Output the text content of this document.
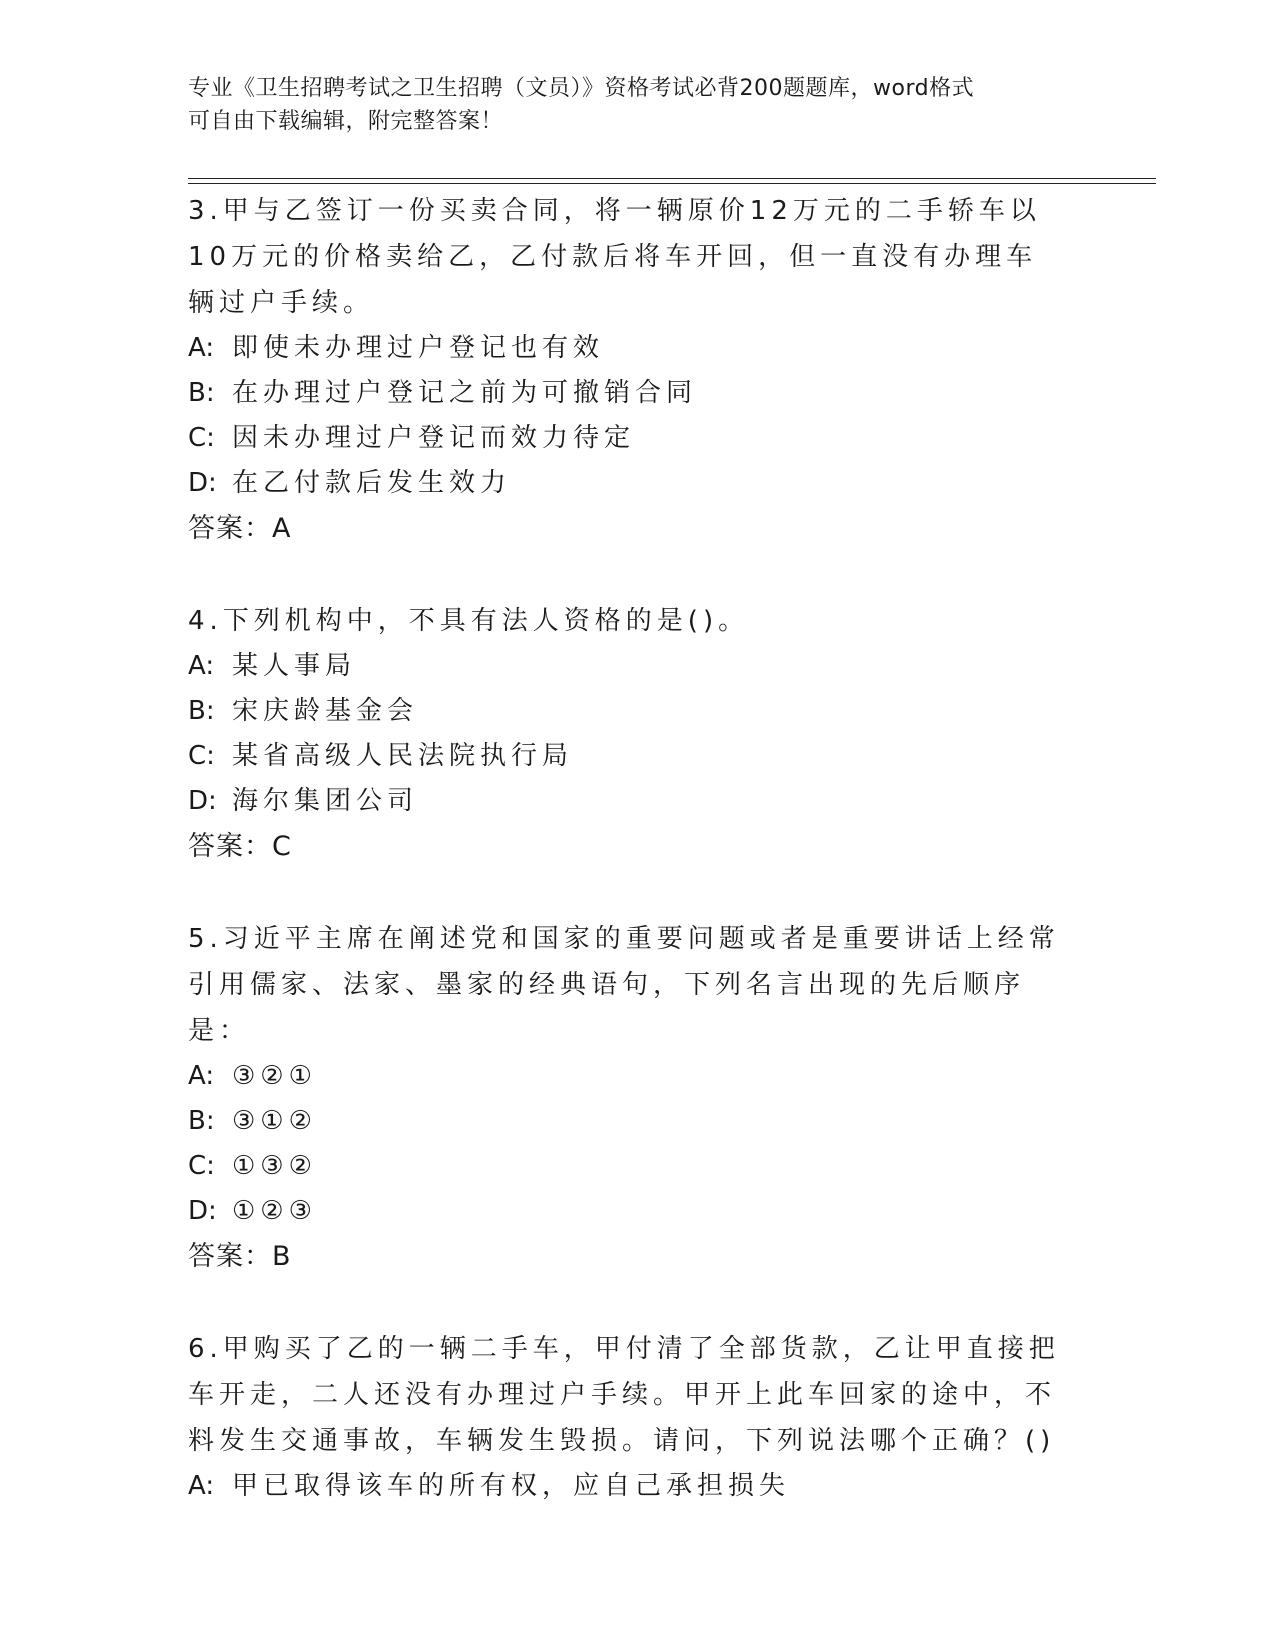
专业《卫生招聘考试之卫生招聘（文员）》资格考试必背200题题库，word格式
可自由下载编辑，附完整答案！

3.甲与乙签订一份买卖合同，将一辆原价12万元的二手轿车以10万元的价格卖给乙，乙付款后将车开回，但一直没有办理车辆过户手续。

A: 即使未办理过户登记也有效

B: 在办理过户登记之前为可撤销合同

C: 因未办理过户登记而效力待定

D: 在乙付款后发生效力

答案：A

4.下列机构中，不具有法人资格的是()。

A: 某人事局

B: 宋庆龄基金会

C: 某省高级人民法院执行局

D: 海尔集团公司

答案：C

5.习近平主席在阐述党和国家的重要问题或者是重要讲话上经常引用儒家、法家、墨家的经典语句，下列名言出现的先后顺序是：

A: ③②①

B: ③①②

C: ①③②

D: ①②③

答案：B

6.甲购买了乙的一辆二手车，甲付清了全部货款，乙让甲直接把车开走，二人还没有办理过户手续。甲开上此车回家的途中，不料发生交通事故，车辆发生毁损。请问，下列说法哪个正确？()

A: 甲已取得该车的所有权，应自己承担损失
